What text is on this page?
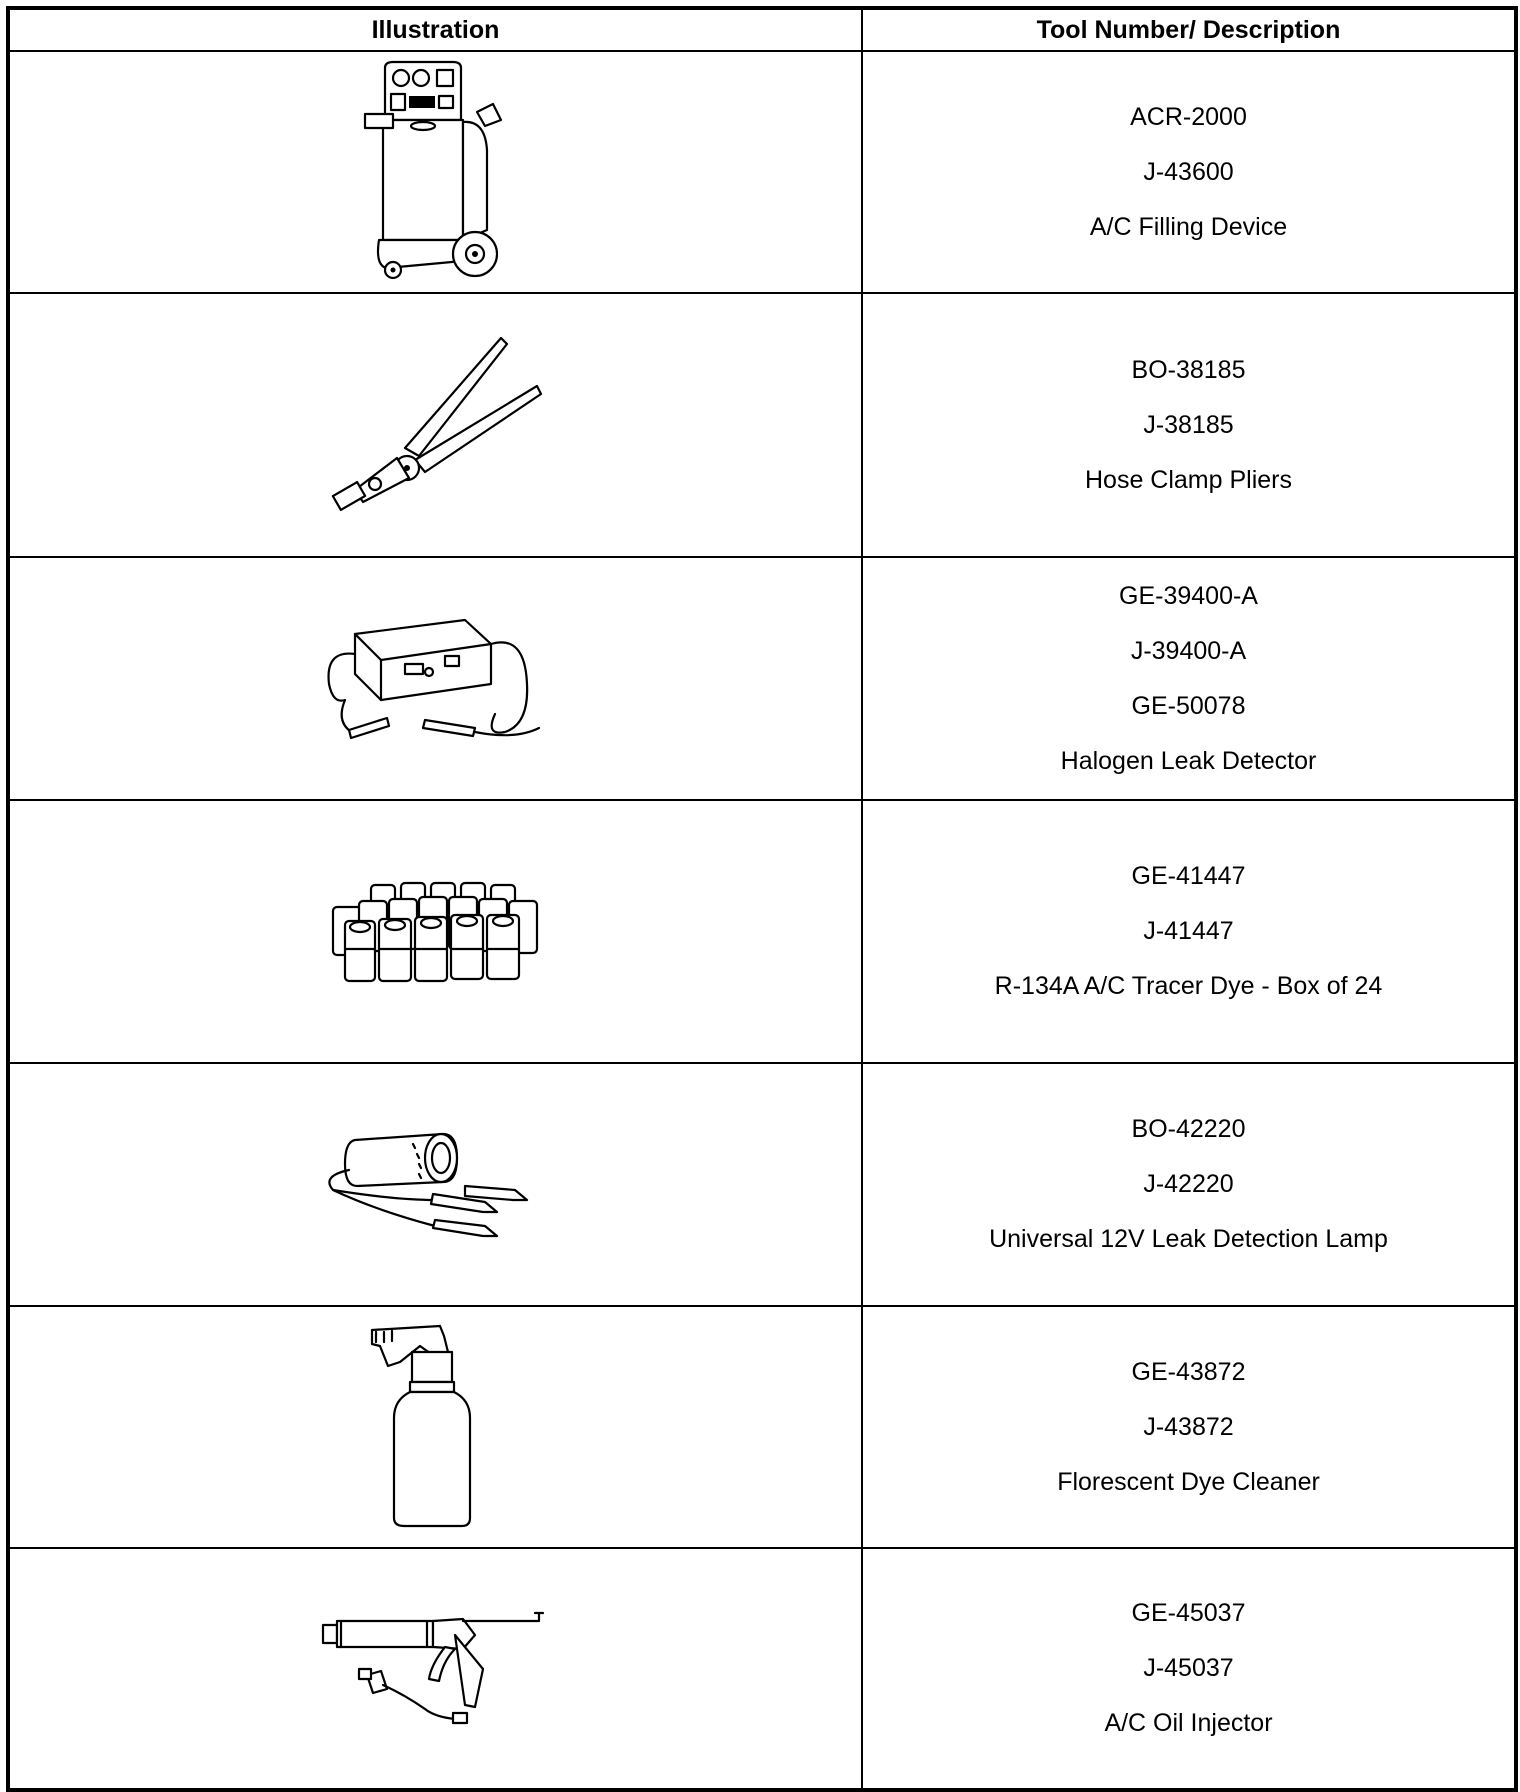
Illustration	Tool Number/ Description

ACR-2000
J-43600
A/C Filling Device

BO-38185
J-38185
Hose Clamp Pliers

GE-39400-A
J-39400-A
GE-50078
Halogen Leak Detector

GE-41447
J-41447
R-134A A/C Tracer Dye - Box of 24

BO-42220
J-42220
Universal 12V Leak Detection Lamp

GE-43872
J-43872
Florescent Dye Cleaner

GE-45037
J-45037
A/C Oil Injector
